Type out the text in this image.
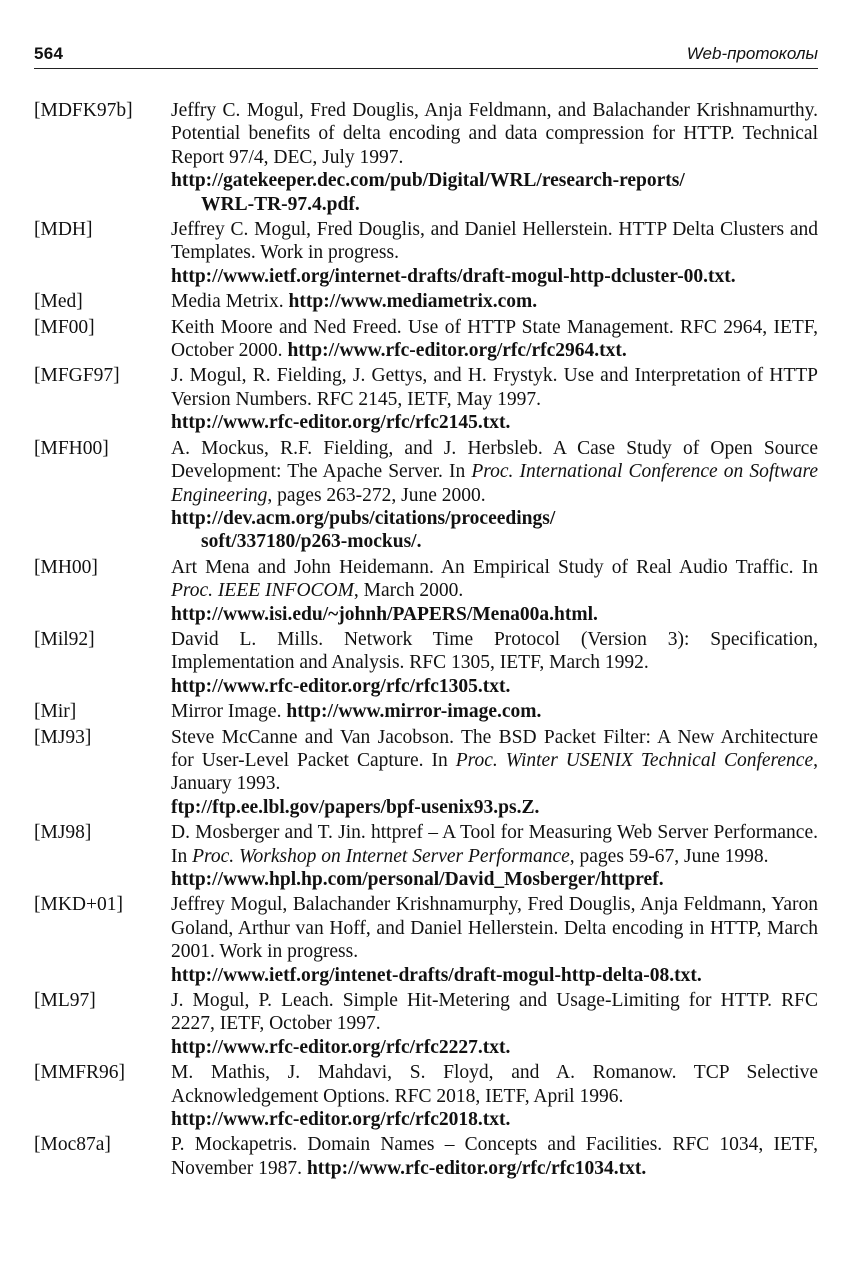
564	Web-протоколы
[MDFK97b]	Jeffry C. Mogul, Fred Douglis, Anja Feldmann, and Balachander Krishnamurthy. Potential benefits of delta encoding and data compression for HTTP. Technical Report 97/4, DEC, July 1997.
http://gatekeeper.dec.com/pub/Digital/WRL/research-reports/
WRL-TR-97.4.pdf.
[MDH]	Jeffrey C. Mogul, Fred Douglis, and Daniel Hellerstein. HTTP Delta Clusters and Templates. Work in progress.
http://www.ietf.org/internet-drafts/draft-mogul-http-dcluster-00.txt.
[Med]	Media Metrix. http://www.mediametrix.com.
[MF00]	Keith Moore and Ned Freed. Use of HTTP State Management. RFC 2964, IETF, October 2000. http://www.rfc-editor.org/rfc/rfc2964.txt.
[MFGF97]	J. Mogul, R. Fielding, J. Gettys, and H. Frystyk. Use and Interpretation of HTTP Version Numbers. RFC 2145, IETF, May 1997.
http://www.rfc-editor.org/rfc/rfc2145.txt.
[MFH00]	A. Mockus, R.F. Fielding, and J. Herbsleb. A Case Study of Open Source Development: The Apache Server. In Proc. International Conference on Software Engineering, pages 263-272, June 2000.
http://dev.acm.org/pubs/citations/proceedings/
soft/337180/p263-mockus/.
[MH00]	Art Mena and John Heidemann. An Empirical Study of Real Audio Traffic. In Proc. IEEE INFOCOM, March 2000.
http://www.isi.edu/~johnh/PAPERS/Mena00a.html.
[Mil92]	David L. Mills. Network Time Protocol (Version 3): Specification, Implementation and Analysis. RFC 1305, IETF, March 1992.
http://www.rfc-editor.org/rfc/rfc1305.txt.
[Mir]	Mirror Image. http://www.mirror-image.com.
[MJ93]	Steve McCanne and Van Jacobson. The BSD Packet Filter: A New Architecture for User-Level Packet Capture. In Proc. Winter USENIX Technical Conference, January 1993.
ftp://ftp.ee.lbl.gov/papers/bpf-usenix93.ps.Z.
[MJ98]	D. Mosberger and T. Jin. httpref – A Tool for Measuring Web Server Performance. In Proc. Workshop on Internet Server Performance, pages 59-67, June 1998.
http://www.hpl.hp.com/personal/David_Mosberger/httpref.
[MKD+01]	Jeffrey Mogul, Balachander Krishnamurphy, Fred Douglis, Anja Feldmann, Yaron Goland, Arthur van Hoff, and Daniel Hellerstein. Delta encoding in HTTP, March 2001. Work in progress.
http://www.ietf.org/intenet-drafts/draft-mogul-http-delta-08.txt.
[ML97]	J. Mogul, P. Leach. Simple Hit-Metering and Usage-Limiting for HTTP. RFC 2227, IETF, October 1997.
http://www.rfc-editor.org/rfc/rfc2227.txt.
[MMFR96]	M. Mathis, J. Mahdavi, S. Floyd, and A. Romanow. TCP Selective Acknowledgement Options. RFC 2018, IETF, April 1996.
http://www.rfc-editor.org/rfc/rfc2018.txt.
[Moc87a]	P. Mockapetris. Domain Names – Concepts and Facilities. RFC 1034, IETF, November 1987. http://www.rfc-editor.org/rfc/rfc1034.txt.
